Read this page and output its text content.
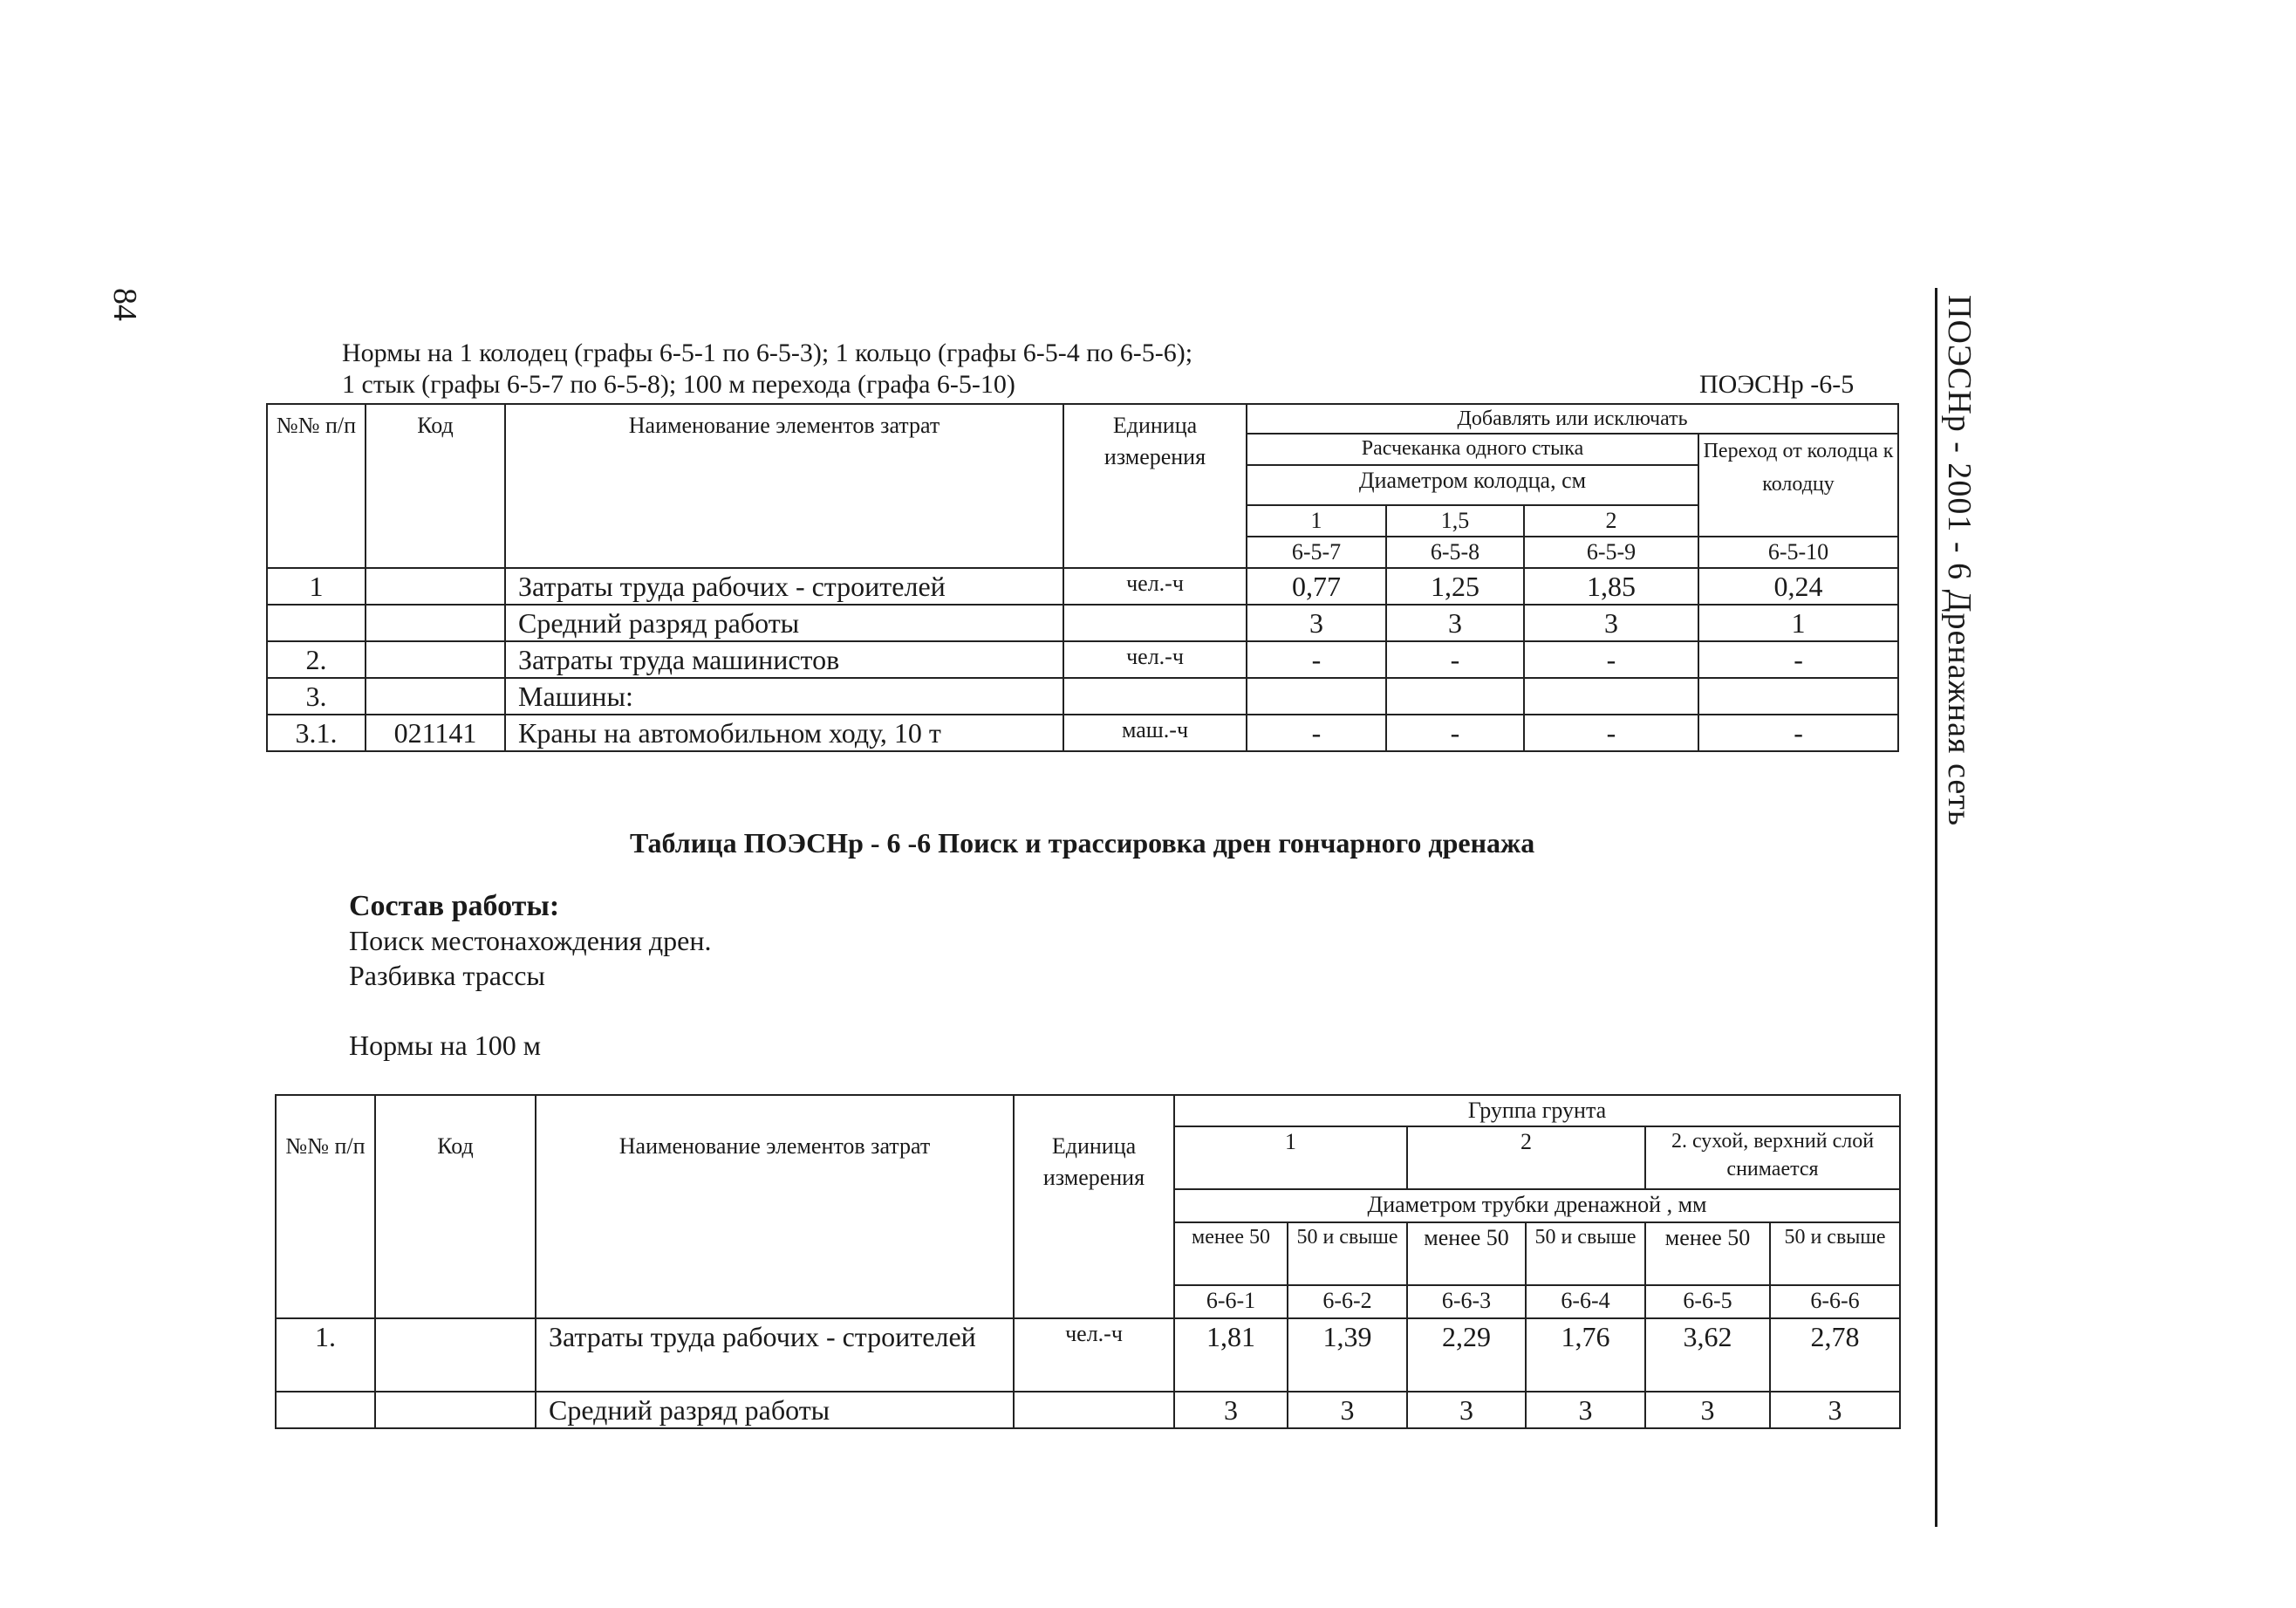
84	ПОЭСНр - 2001 - 6 Дренажная сеть
Нормы на 1 колодец (графы 6-5-1 по 6-5-3); 1 кольцо (графы 6-5-4 по 6-5-6);
1 стык (графы 6-5-7 по 6-5-8); 100 м перехода (графа 6-5-10)	ПОЭСНр -6-5
№№ п/п	Код	Наименование элементов затрат	Единица измерения	Добавлять или исключать			
				Расчеканка одного стыка			Переход от колодца к колодцу
				Диаметром колодца, см			
				1	1,5	2	
				6-5-7	6-5-8	6-5-9	6-5-10
1		Затраты труда рабочих - строителей	чел.-ч	0,77	1,25	1,85	0,24
		Средний разряд работы		3	3	3	1
2.		Затраты труда машинистов	чел.-ч	-	-	-	-
3.		Машины:					
3.1.	021141	Краны на автомобильном ходу, 10 т	маш.-ч	-	-	-	-
Таблица ПОЭСНр - 6 -6 Поиск и трассировка дрен гончарного дренажа
Состав работы:
Поиск местонахождения дрен.
Разбивка трассы
Нормы на 100 м
№№ п/п	Код	Наименование элементов затрат	Единица измерения	Группа грунта					
				1		2		2. сухой, верхний слой снимается	
				Диаметром трубки дренажной , мм					
				менее 50	50 и свыше	менее 50	50 и свыше	менее 50	50 и свыше
				6-6-1	6-6-2	6-6-3	6-6-4	6-6-5	6-6-6

1.		Затраты труда рабочих - строителей	чел.-ч	1,81	1,39	2,29	1,76	3,62	2,78
		Средний разряд работы		3	3	3	3	3	3
